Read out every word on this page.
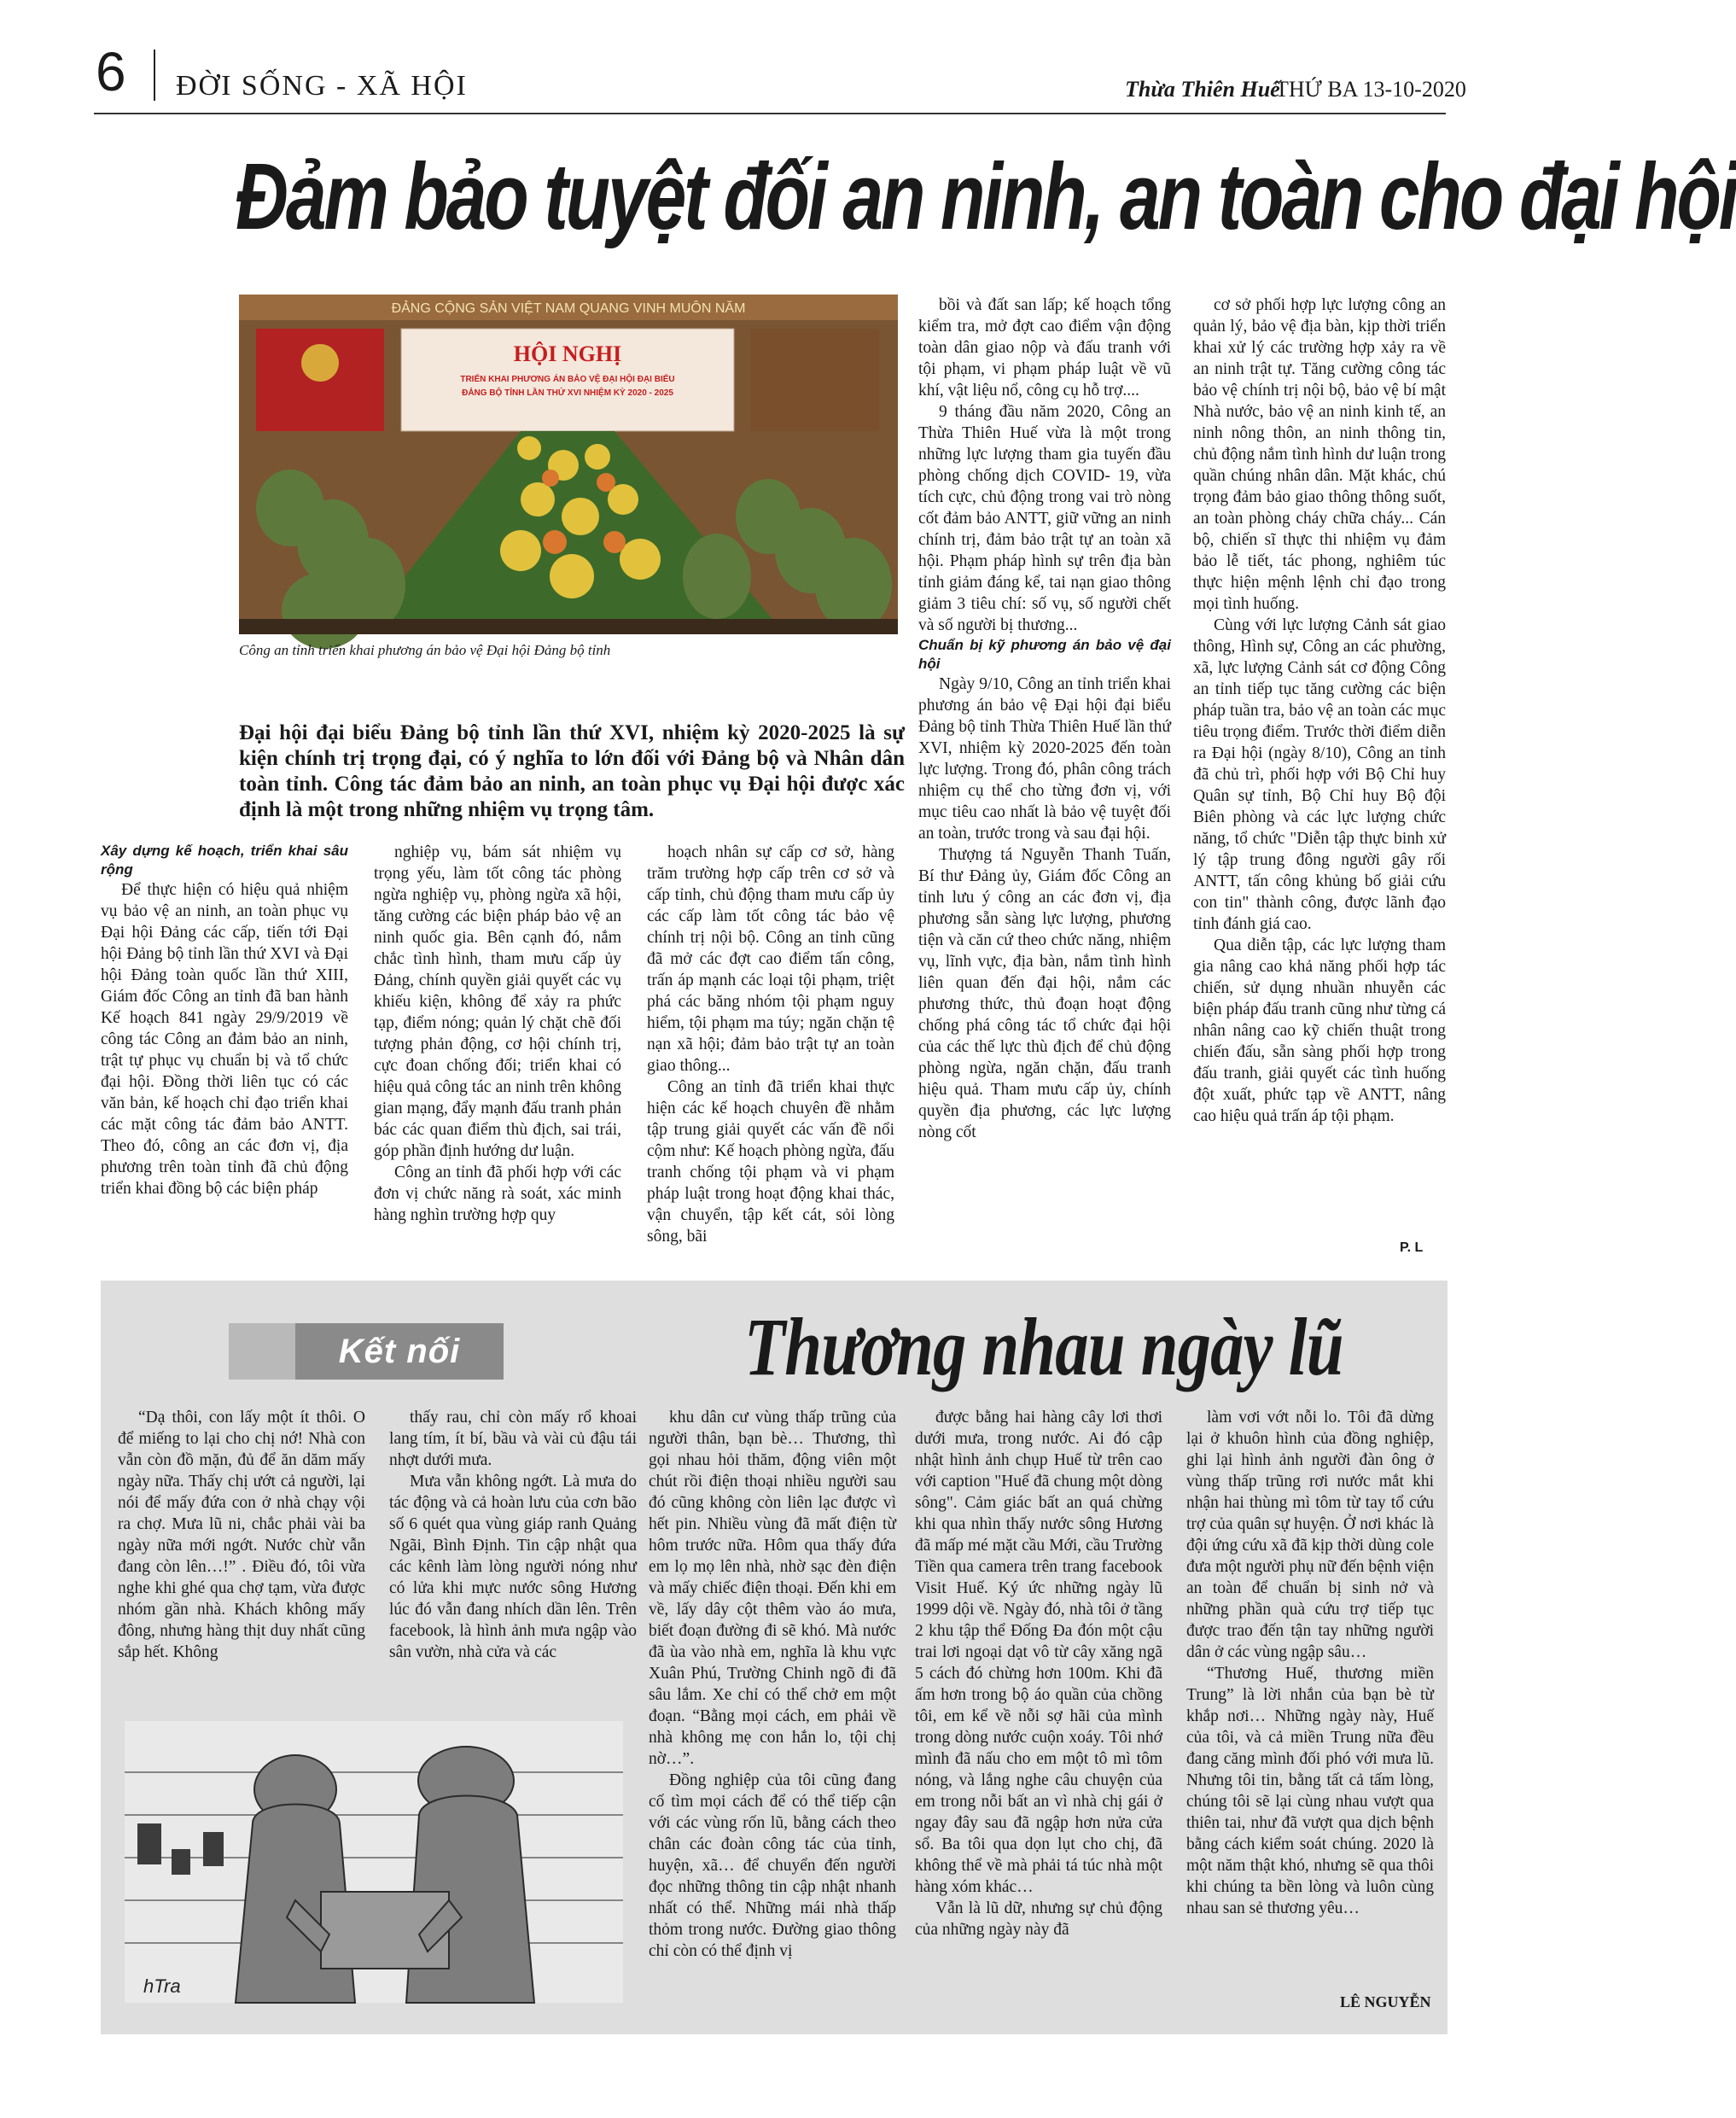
6 ĐỜI SỐNG - XÃ HỘI	Thừa Thiên Huế
THỨ BA 13-10-2020
Đảm bảo tuyệt đối an ninh, an toàn cho đại hội
ĐẢNG CỘNG SẢN VIỆT NAM QUANG VINH MUÔN NĂM
HỘI NGHỊ
TRIỂN KHAI PHƯƠNG ÁN BẢO VỆ ĐẠI HỘI ĐẠI BIỂU
ĐẢNG BỘ TỈNH LẦN THỨ XVI NHIỆM KỲ 2020 - 2025
Công an tỉnh triển khai phương án bảo vệ Đại hội Đảng bộ tỉnh
Đại hội đại biểu Đảng bộ tỉnh lần thứ XVI, nhiệm kỳ 2020-2025 là sự kiện chính trị trọng đại, có ý nghĩa to lớn đối với Đảng bộ và Nhân dân toàn tỉnh. Công tác đảm bảo an ninh, an toàn phục vụ Đại hội được xác định là một trong những nhiệm vụ trọng tâm.

Xây dựng kế hoạch, triển khai sâu rộng

Để thực hiện có hiệu quả nhiệm vụ bảo vệ an ninh, an toàn phục vụ Đại hội Đảng các cấp, tiến tới Đại hội Đảng bộ tỉnh lần thứ XVI và Đại hội Đảng toàn quốc lần thứ XIII, Giám đốc Công an tỉnh đã ban hành Kế hoạch 841 ngày 29/9/2019 về công tác Công an đảm bảo an ninh, trật tự phục vụ chuẩn bị và tổ chức đại hội. Đồng thời liên tục có các văn bản, kế hoạch chỉ đạo triển khai các mặt công tác đảm bảo ANTT. Theo đó, công an các đơn vị, địa phương trên toàn tỉnh đã chủ động triển khai đồng bộ các biện pháp

nghiệp vụ, bám sát nhiệm vụ trọng yếu, làm tốt công tác phòng ngừa nghiệp vụ, phòng ngừa xã hội, tăng cường các biện pháp bảo vệ an ninh quốc gia. Bên cạnh đó, nắm chắc tình hình, tham mưu cấp ủy Đảng, chính quyền giải quyết các vụ khiếu kiện, không để xảy ra phức tạp, điểm nóng; quản lý chặt chẽ đối tượng phản động, cơ hội chính trị, cực đoan chống đối; triển khai có hiệu quả công tác an ninh trên không gian mạng, đẩy mạnh đấu tranh phản bác các quan điểm thù địch, sai trái, góp phần định hướng dư luận.

Công an tỉnh đã phối hợp với các đơn vị chức năng rà soát, xác minh hàng nghìn trường hợp quy

hoạch nhân sự cấp cơ sở, hàng trăm trường hợp cấp trên cơ sở và cấp tỉnh, chủ động tham mưu cấp ủy các cấp làm tốt công tác bảo vệ chính trị nội bộ. Công an tỉnh cũng đã mở các đợt cao điểm tấn công, trấn áp mạnh các loại tội phạm, triệt phá các băng nhóm tội phạm nguy hiểm, tội phạm ma túy; ngăn chặn tệ nạn xã hội; đảm bảo trật tự an toàn giao thông...

Công an tỉnh đã triển khai thực hiện các kế hoạch chuyên đề nhằm tập trung giải quyết các vấn đề nổi cộm như: Kế hoạch phòng ngừa, đấu tranh chống tội phạm và vi phạm pháp luật trong hoạt động khai thác, vận chuyển, tập kết cát, sỏi lòng sông, bãi

bồi và đất san lấp; kế hoạch tổng kiểm tra, mở đợt cao điểm vận động toàn dân giao nộp và đấu tranh với tội phạm, vi phạm pháp luật về vũ khí, vật liệu nổ, công cụ hỗ trợ....

9 tháng đầu năm 2020, Công an Thừa Thiên Huế vừa là một trong những lực lượng tham gia tuyến đầu phòng chống dịch COVID- 19, vừa tích cực, chủ động trong vai trò nòng cốt đảm bảo ANTT, giữ vững an ninh chính trị, đảm bảo trật tự an toàn xã hội. Phạm pháp hình sự trên địa bàn tỉnh giảm đáng kể, tai nạn giao thông giảm 3 tiêu chí: số vụ, số người chết và số người bị thương...

Chuẩn bị kỹ phương án bảo vệ đại hội

Ngày 9/10, Công an tỉnh triển khai phương án bảo vệ Đại hội đại biểu Đảng bộ tỉnh Thừa Thiên Huế lần thứ XVI, nhiệm kỳ 2020-2025 đến toàn lực lượng. Trong đó, phân công trách nhiệm cụ thể cho từng đơn vị, với mục tiêu cao nhất là bảo vệ tuyệt đối an toàn, trước trong và sau đại hội.

Thượng tá Nguyễn Thanh Tuấn, Bí thư Đảng ủy, Giám đốc Công an tỉnh lưu ý công an các đơn vị, địa phương sẵn sàng lực lượng, phương tiện và căn cứ theo chức năng, nhiệm vụ, lĩnh vực, địa bàn, nắm tình hình liên quan đến đại hội, nắm các phương thức, thủ đoạn hoạt động chống phá công tác tổ chức đại hội của các thế lực thù địch để chủ động phòng ngừa, ngăn chặn, đấu tranh hiệu quả. Tham mưu cấp ủy, chính quyền địa phương, các lực lượng nòng cốt

cơ sở phối hợp lực lượng công an quản lý, bảo vệ địa bàn, kịp thời triển khai xử lý các trường hợp xảy ra về an ninh trật tự. Tăng cường công tác bảo vệ chính trị nội bộ, bảo vệ bí mật Nhà nước, bảo vệ an ninh kinh tế, an ninh nông thôn, an ninh thông tin, chủ động nắm tình hình dư luận trong quần chúng nhân dân. Mặt khác, chú trọng đảm bảo giao thông thông suốt, an toàn phòng cháy chữa cháy... Cán bộ, chiến sĩ thực thi nhiệm vụ đảm bảo lễ tiết, tác phong, nghiêm túc thực hiện mệnh lệnh chỉ đạo trong mọi tình huống.

Cùng với lực lượng Cảnh sát giao thông, Hình sự, Công an các phường, xã, lực lượng Cảnh sát cơ động Công an tỉnh tiếp tục tăng cường các biện pháp tuần tra, bảo vệ an toàn các mục tiêu trọng điểm. Trước thời điểm diễn ra Đại hội (ngày 8/10), Công an tỉnh đã chủ trì, phối hợp với Bộ Chỉ huy Quân sự tỉnh, Bộ Chỉ huy Bộ đội Biên phòng và các lực lượng chức năng, tổ chức "Diễn tập thực binh xử lý tập trung đông người gây rối ANTT, tấn công khủng bố giải cứu con tin" thành công, được lãnh đạo tỉnh đánh giá cao.

Qua diễn tập, các lực lượng tham gia nâng cao khả năng phối hợp tác chiến, sử dụng nhuần nhuyễn các biện pháp đấu tranh cũng như từng cá nhân nâng cao kỹ chiến thuật trong chiến đấu, sẵn sàng phối hợp trong đấu tranh, giải quyết các tình huống đột xuất, phức tạp về ANTT, nâng cao hiệu quả trấn áp tội phạm.

P. L
Kết nối	Thương nhau ngày lũ

“Dạ thôi, con lấy một ít thôi. O để miếng to lại cho chị nớ! Nhà con vẫn còn đồ mặn, đủ để ăn dăm mấy ngày nữa. Thấy chị ướt cả người, lại nói để mấy đứa con ở nhà chạy vội ra chợ. Mưa lũ ni, chắc phải vài ba ngày nữa mới ngớt. Nước chừ vẫn đang còn lên…!” . Điều đó, tôi vừa nghe khi ghé qua chợ tạm, vừa được nhóm gần nhà. Khách không mấy đông, nhưng hàng thịt duy nhất cũng sắp hết. Không

thấy rau, chỉ còn mấy rổ khoai lang tím, ít bí, bầu và vài củ đậu tái nhợt dưới mưa.

Mưa vẫn không ngớt. Là mưa do tác động và cả hoàn lưu của cơn bão số 6 quét qua vùng giáp ranh Quảng Ngãi, Bình Định. Tin cập nhật qua các kênh làm lòng người nóng như có lửa khi mực nước sông Hương lúc đó vẫn đang nhích dần lên. Trên facebook, là hình ảnh mưa ngập vào sân vườn, nhà cửa và các

khu dân cư vùng thấp trũng của người thân, bạn bè… Thương, thì gọi nhau hỏi thăm, động viên một chút rồi điện thoại nhiều người sau đó cũng không còn liên lạc được vì hết pin. Nhiều vùng đã mất điện từ hôm trước nữa. Hôm qua thấy đứa em lọ mọ lên nhà, nhờ sạc đèn điện và mấy chiếc điện thoại. Đến khi em về, lấy dây cột thêm vào áo mưa, biết đoạn đường đi sẽ khó. Mà nước đã ùa vào nhà em, nghĩa là khu vực Xuân Phú, Trường Chinh ngõ đi đã sâu lắm. Xe chỉ có thể chở em một đoạn. “Bằng mọi cách, em phải về nhà không mẹ con hắn lo, tội chị nờ…”.

Đồng nghiệp của tôi cũng đang cố tìm mọi cách để có thể tiếp cận với các vùng rốn lũ, bằng cách theo chân các đoàn công tác của tỉnh, huyện, xã… để chuyển đến người đọc những thông tin cập nhật nhanh nhất có thể. Những mái nhà thấp thỏm trong nước. Đường giao thông chỉ còn có thể định vị

được bằng hai hàng cây lơi thơi dưới mưa, trong nước. Ai đó cập nhật hình ảnh chụp Huế từ trên cao với caption "Huế đã chung một dòng sông". Cảm giác bất an quá chừng khi qua nhìn thấy nước sông Hương đã mấp mé mặt cầu Mới, cầu Trường Tiền qua camera trên trang facebook Visit Huế. Ký ức những ngày lũ 1999 dội về. Ngày đó, nhà tôi ở tầng 2 khu tập thể Đống Đa đón một cậu trai lơi ngoại dạt vô từ cây xăng ngã 5 cách đó chừng hơn 100m. Khi đã ấm hơn trong bộ áo quần của chồng tôi, em kể về nỗi sợ hãi của mình trong dòng nước cuộn xoáy. Tôi nhớ mình đã nấu cho em một tô mì tôm nóng, và lắng nghe câu chuyện của em trong nỗi bất an vì nhà chị gái ở ngay đây sau đã ngập hơn nửa cửa sổ. Ba tôi qua dọn lụt cho chị, đã không thể về mà phải tá túc nhà một hàng xóm khác…

Vẫn là lũ dữ, nhưng sự chủ động của những ngày này đã

làm vơi vớt nỗi lo. Tôi đã dừng lại ở khuôn hình của đồng nghiệp, ghi lại hình ảnh người đàn ông ở vùng thấp trũng rơi nước mắt khi nhận hai thùng mì tôm từ tay tổ cứu trợ của quân sự huyện. Ở nơi khác là đội ứng cứu xã đã kịp thời dùng cole đưa một người phụ nữ đến bệnh viện an toàn để chuẩn bị sinh nở và những phần quà cứu trợ tiếp tục được trao đến tận tay những người dân ở các vùng ngập sâu…

“Thương Huế, thương miền Trung” là lời nhắn của bạn bè từ khắp nơi… Những ngày này, Huế của tôi, và cả miền Trung nữa đều đang căng mình đối phó với mưa lũ. Nhưng tôi tin, bằng tất cả tấm lòng, chúng tôi sẽ lại cùng nhau vượt qua thiên tai, như đã vượt qua dịch bệnh bằng cách kiểm soát chúng. 2020 là một năm thật khó, nhưng sẽ qua thôi khi chúng ta bền lòng và luôn cùng nhau san sẻ thương yêu…

hTra
LÊ NGUYỄN
